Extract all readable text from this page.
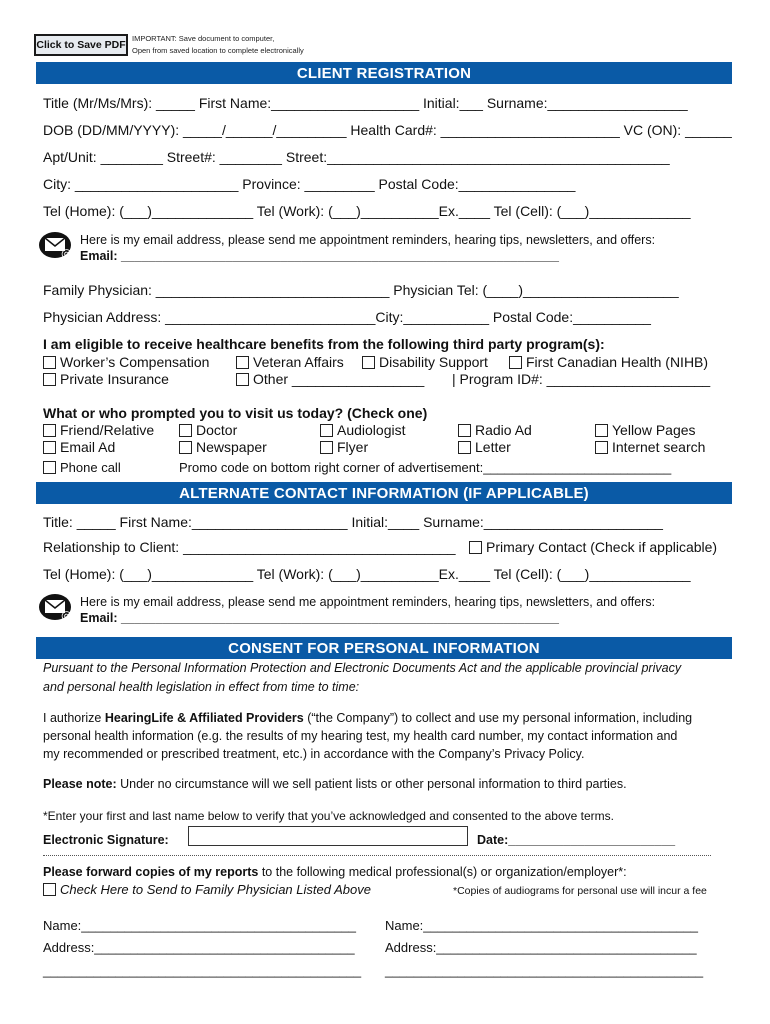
Click to Save PDF
IMPORTANT: Save document to computer,
Open from saved location to complete electronically
CLIENT REGISTRATION
Title (Mr/Ms/Mrs): _____ First Name:___________________ Initial:___ Surname:__________________
DOB (DD/MM/YYYY): _____/______/_________ Health Card#: _______________________ VC (ON): ______
Apt/Unit: ________ Street#: ________ Street:____________________________________________
City: _____________________ Province: _________ Postal Code:_______________
Tel (Home): (___)_____________ Tel (Work): (___)__________Ex.____ Tel (Cell): (___)_____________
@
Here is my email address, please send me appointment reminders, hearing tips, newsletters, and offers:
Email: _______________________________________________________________
Family Physician: ______________________________ Physician Tel: (____)____________________
Physician Address: ___________________________City:___________ Postal Code:__________
I am eligible to receive healthcare benefits from the following third party program(s):
Worker’s Compensation	Veteran Affairs	Disability Support	First Canadian Health (NIHB)
Private Insurance	Other _________________ | Program ID#: _____________________
What or who prompted you to visit us today? (Check one)
Friend/Relative	Doctor	Audiologist	Radio Ad	Yellow Pages
Email Ad	Newspaper	Flyer	Letter	Internet search
Phone call	Promo code on bottom right corner of advertisement:__________________________
ALTERNATE CONTACT INFORMATION (IF APPLICABLE)
Title: _____ First Name:____________________ Initial:____ Surname:_______________________
Relationship to Client: ___________________________________	Primary Contact (Check if applicable)
Tel (Home): (___)_____________ Tel (Work): (___)__________Ex.____ Tel (Cell): (___)_____________
@
Here is my email address, please send me appointment reminders, hearing tips, newsletters, and offers:
Email: _______________________________________________________________
CONSENT FOR PERSONAL INFORMATION
Pursuant to the Personal Information Protection and Electronic Documents Act and the applicable provincial privacy
and personal health legislation in effect from time to time:
I authorize HearingLife & Affiliated Providers (“the Company”) to collect and use my personal information, including
personal health information (e.g. the results of my hearing test, my health card number, my contact information and
my recommended or prescribed treatment, etc.) in accordance with the Company’s Privacy Policy.
Please note: Under no circumstance will we sell patient lists or other personal information to third parties.
*Enter your first and last name below to verify that you’ve acknowledged and consented to the above terms.
Electronic Signature:	Date:________________________
Please forward copies of my reports to the following medical professional(s) or organization/employer*:
Check Here to Send to Family Physician Listed Above	*Copies of audiograms for personal use will incur a fee
Name:______________________________________ Name:______________________________________
Address:____________________________________ Address:____________________________________
____________________________________________ ____________________________________________
